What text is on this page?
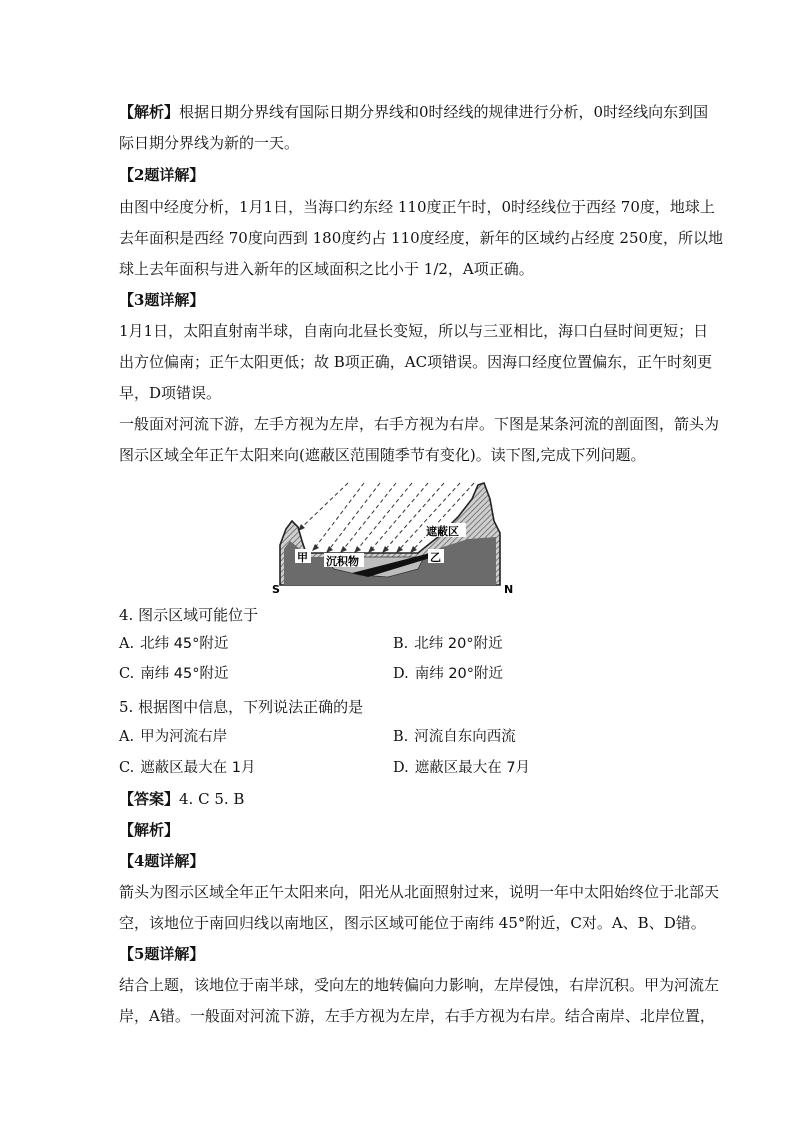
【解析】根据日期分界线有国际日期分界线和0时经线的规律进行分析，0时经线向东到国

际日期分界线为新的一天。

【2题详解】

由图中经度分析，1月1日，当海口约东经 110度正午时，0时经线位于西经 70度，地球上

去年面积是西经 70度向西到 180度约占 110度经度，新年的区域约占经度 250度，所以地

球上去年面积与进入新年的区域面积之比小于 1/2，A项正确。

【3题详解】

1月1日，太阳直射南半球，自南向北昼长变短，所以与三亚相比，海口白昼时间更短；日

出方位偏南；正午太阳更低；故 B项正确，AC项错误。因海口经度位置偏东，正午时刻更

早，D项错误。

一般面对河流下游，左手方视为左岸，右手方视为右岸。下图是某条河流的剖面图，箭头为

图示区域全年正午太阳来向(遮蔽区范围随季节有变化)。读下图,完成下列问题。

遮蔽区
甲	乙
沉积物
S	N

4. 图示区域可能位于

A. 北纬 45°附近	B. 北纬 20°附近
C. 南纬 45°附近	D. 南纬 20°附近

5. 根据图中信息，下列说法正确的是

A. 甲为河流右岸	B. 河流自东向西流
C. 遮蔽区最大在 1月	D. 遮蔽区最大在 7月

【答案】4. C 5. B

【解析】

【4题详解】

箭头为图示区域全年正午太阳来向，阳光从北面照射过来，说明一年中太阳始终位于北部天

空，该地位于南回归线以南地区，图示区域可能位于南纬 45°附近，C对。A、B、D错。

【5题详解】

结合上题，该地位于南半球，受向左的地转偏向力影响，左岸侵蚀，右岸沉积。甲为河流左

岸，A错。一般面对河流下游，左手方视为左岸，右手方视为右岸。结合南岸、北岸位置，
